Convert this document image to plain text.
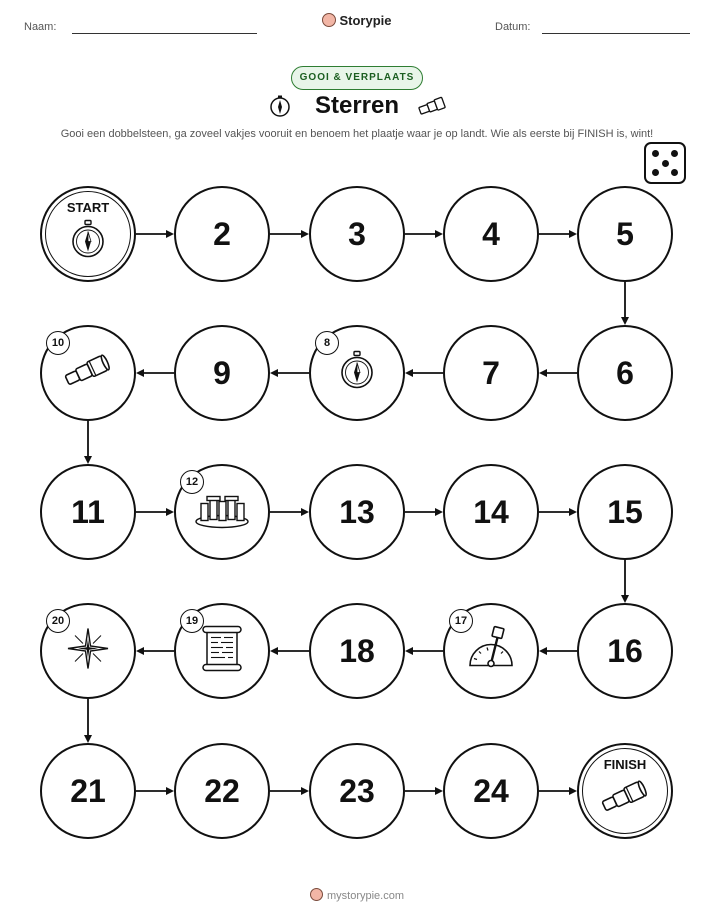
Naam:	Storypie	Datum:
GOOI & VERPLAATS
Sterren
Gooi een dobbelsteen, ga zoveel vakjes vooruit en benoem het plaatje waar je op landt. Wie als eerste bij FINISH is, wint!
START
2	3	4	5
6
7
8
9
10
11
12
13	14	15
16
17
18
19
20
21	22	23	24
FINISH
mystorypie.com
